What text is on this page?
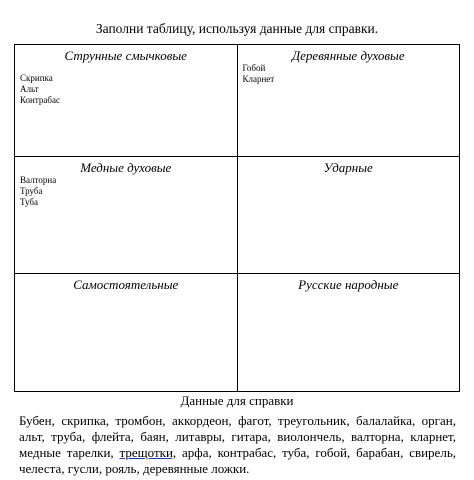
Заполни таблицу, используя данные для справки.
Струнные смычковые
Скрипка
Альт
Контрабас	Деревянные духовые
Гобой
Кларнет

Медные духовые
Валторна
Труба
Туба	Ударные

Самостоятельные	Русские народные
Данные для справки

Бубен, скрипка, тромбон, аккордеон, фагот, треугольник, балалайка, орган, альт, труба, флейта, баян, литавры, гитара, виолончель, валторна, кларнет, медные тарелки, трещотки, арфа, контрабас, туба, гобой, барабан, свирель, челеста, гусли, рояль, деревянные ложки.
